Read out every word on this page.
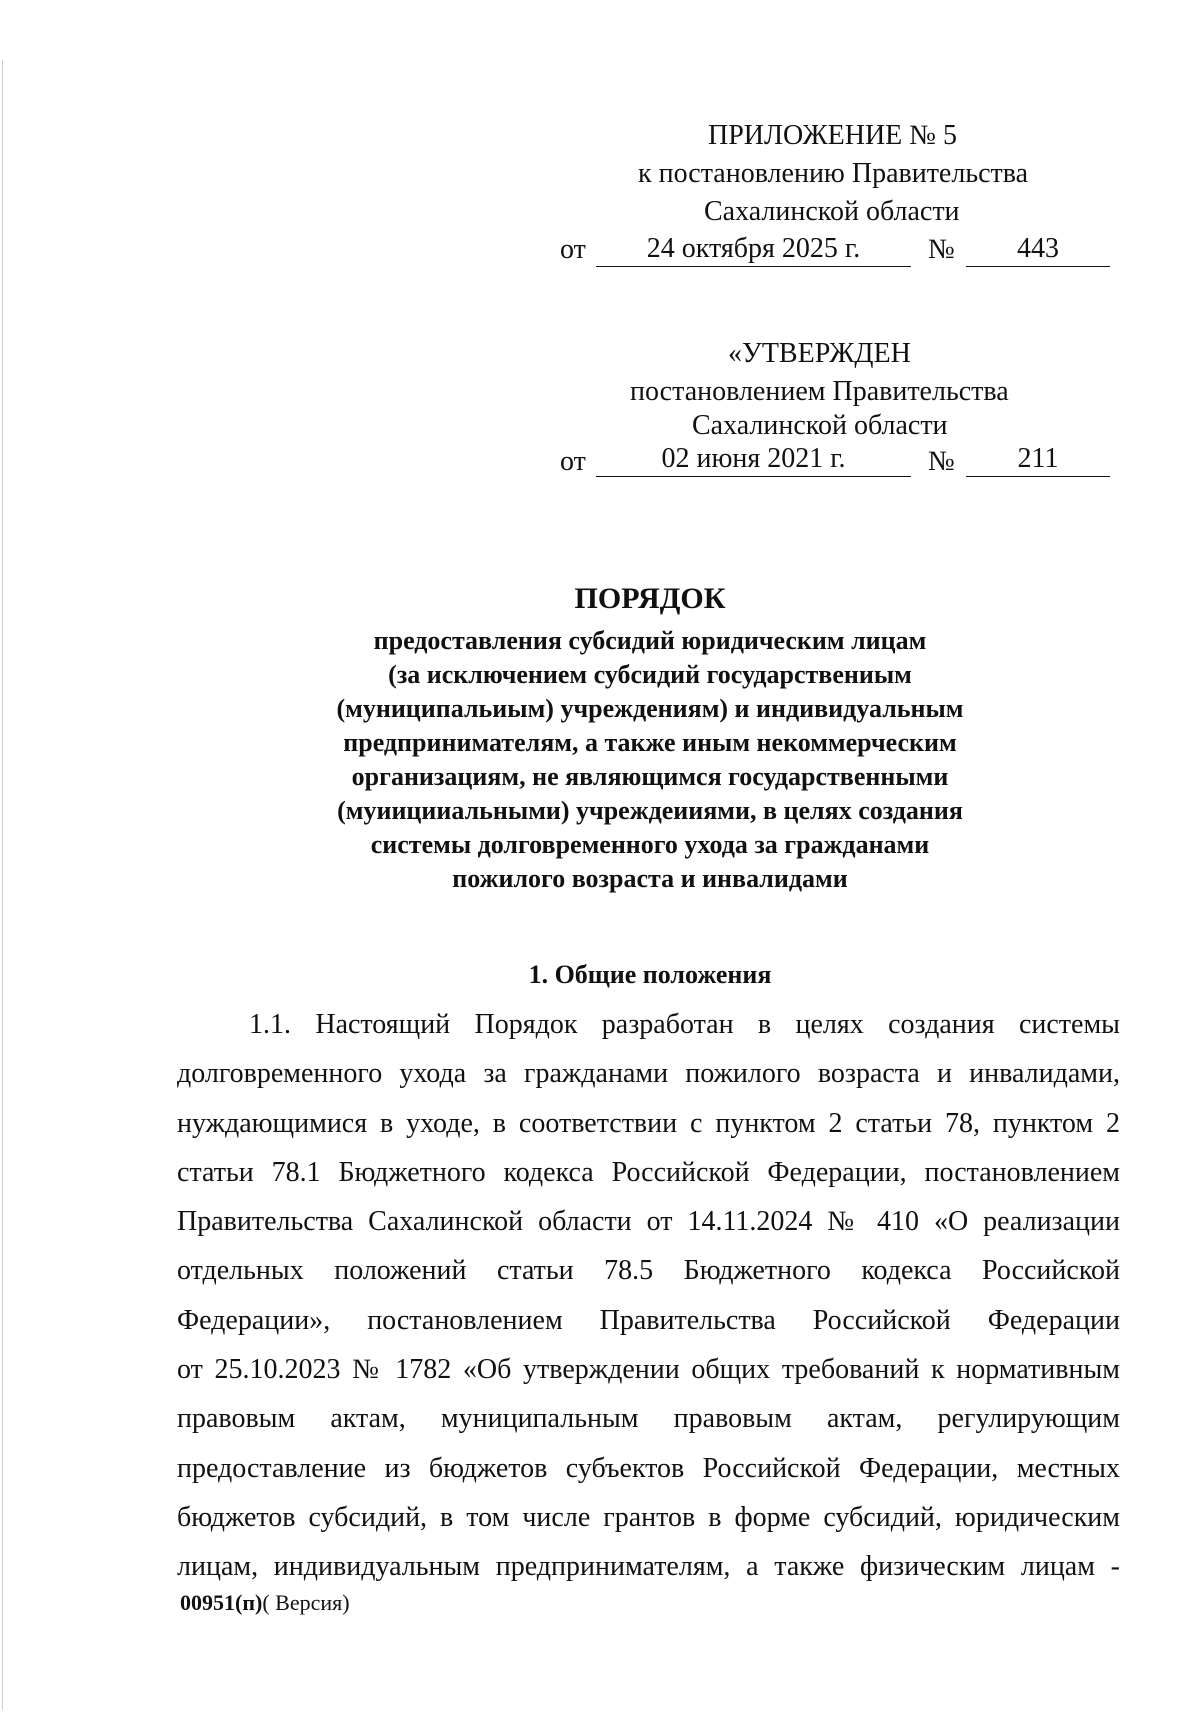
ПРИЛОЖЕНИЕ № 5
к постановлению Правительства
Сахалинской области
от	24 октября 2025 г.	№	443
«УТВЕРЖДЕН
постановлением Правительства
Сахалинской области
от	02 июня 2021 г.	№	211
ПОРЯДОК
предоставления субсидий юридическим лицам
(за исключением субсидий государствениым
(муниципальиым) учреждениям) и индивидуальным
предпринимателям, а также иным некоммерческим
организациям, не являющимся государственными
(муиицииальными) учреждеииями, в целях создания
системы долговременного ухода за гражданами
пожилого возраста и инвалидами
1. Общие положения
1.1. Настоящий Порядок разработан в целях создания системы
долговременного ухода за гражданами пожилого возраста и инвалидами,
нуждающимися в уходе, в соответствии с пунктом 2 статьи 78, пунктом 2
статьи 78.1 Бюджетного кодекса Российской Федерации, постановлением
Правительства Сахалинской области от 14.11.2024 № 410 «О реализации
отдельных положений статьи 78.5 Бюджетного кодекса Российской
Федерации», постановлением Правительства Российской Федерации
от 25.10.2023 № 1782 «Об утверждении общих требований к нормативным
правовым актам, муниципальным правовым актам, регулирующим
предоставление из бюджетов субъектов Российской Федерации, местных
бюджетов субсидий, в том числе грантов в форме субсидий, юридическим
лицам, индивидуальным предпринимателям, а также физическим лицам -
00951(п)( Версия)
